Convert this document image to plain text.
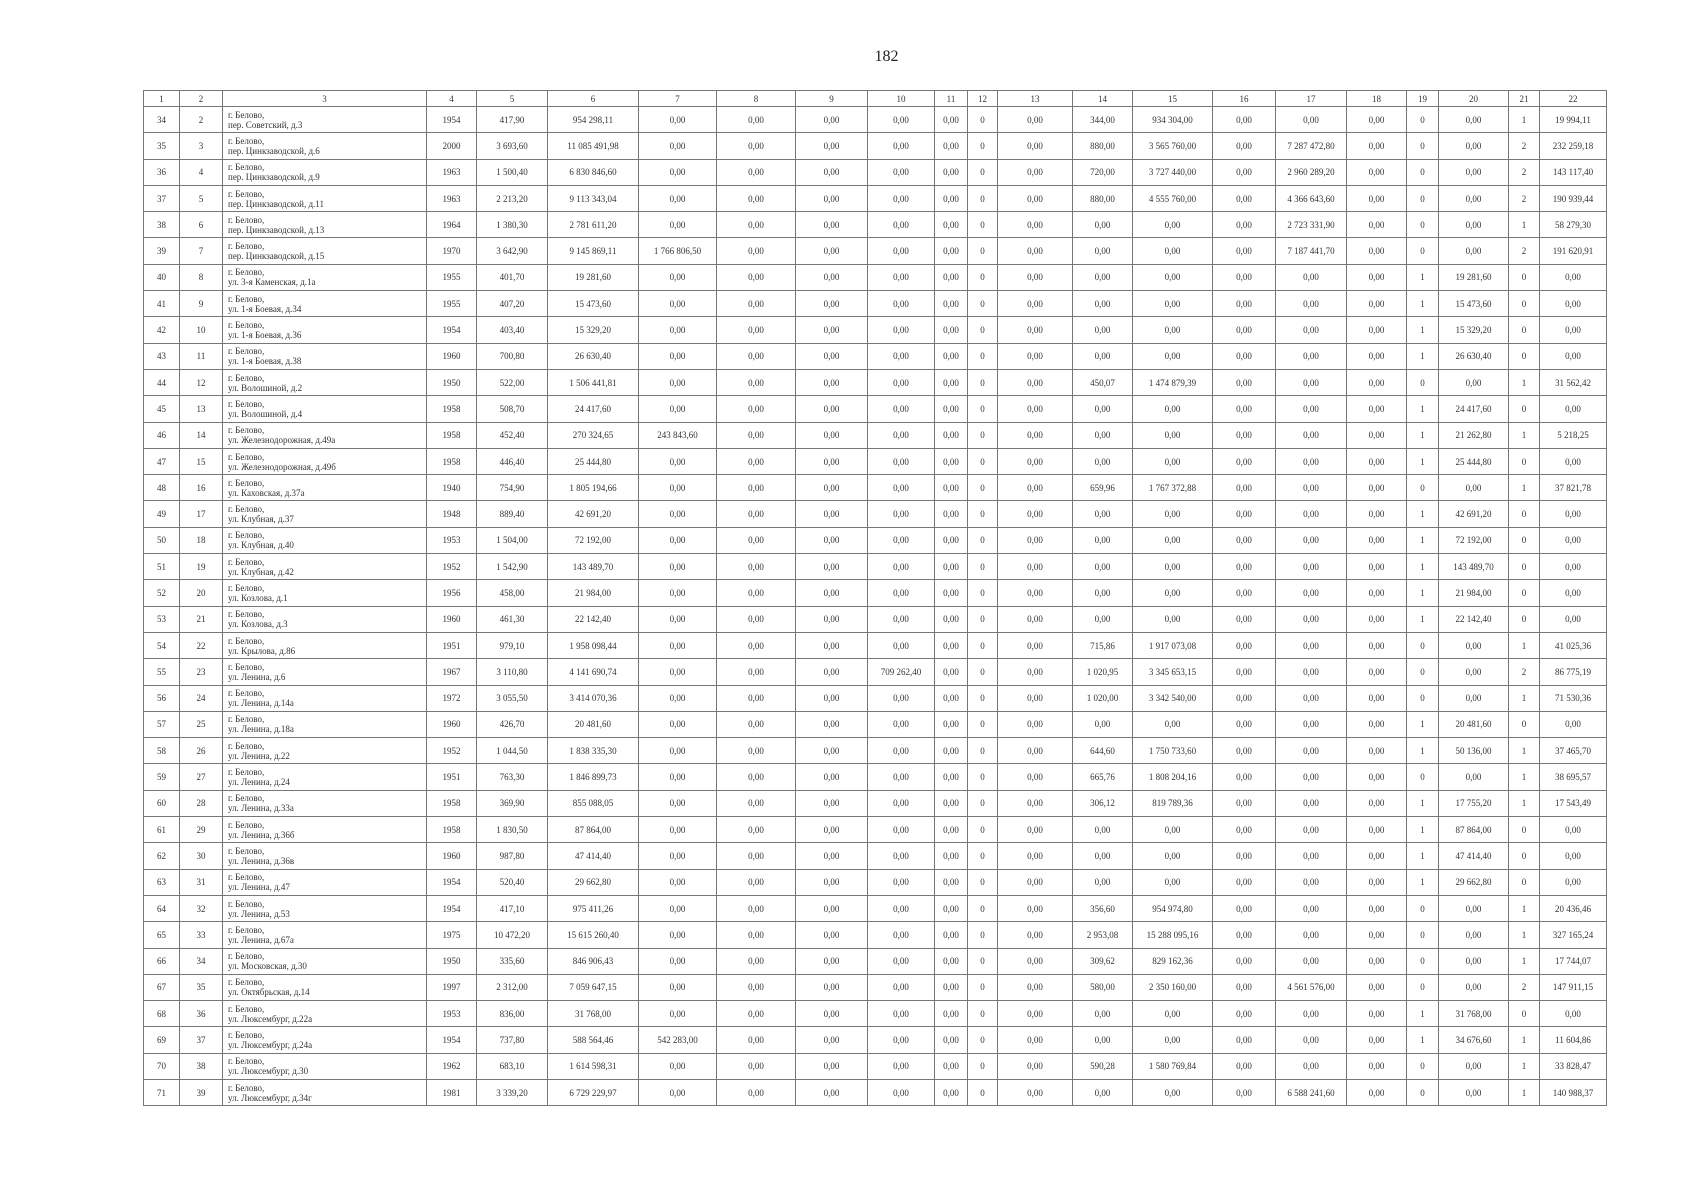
182
1	2	3	4	5	6	7	8	9	10	11	12	13	14	15	16	17	18	19	20	21	22
34	2	г. Белово,
пер. Советский, д.3	1954	417,90	954 298,11	0,00	0,00	0,00	0,00	0,00	0	0,00	344,00	934 304,00	0,00	0,00	0,00	0	0,00	1	19 994,11
35	3	г. Белово,
пер. Цинкзаводской, д.6	2000	3 693,60	11 085 491,98	0,00	0,00	0,00	0,00	0,00	0	0,00	880,00	3 565 760,00	0,00	7 287 472,80	0,00	0	0,00	2	232 259,18
36	4	г. Белово,
пер. Цинкзаводской, д.9	1963	1 500,40	6 830 846,60	0,00	0,00	0,00	0,00	0,00	0	0,00	720,00	3 727 440,00	0,00	2 960 289,20	0,00	0	0,00	2	143 117,40
37	5	г. Белово,
пер. Цинкзаводской, д.11	1963	2 213,20	9 113 343,04	0,00	0,00	0,00	0,00	0,00	0	0,00	880,00	4 555 760,00	0,00	4 366 643,60	0,00	0	0,00	2	190 939,44
38	6	г. Белово,
пер. Цинкзаводской, д.13	1964	1 380,30	2 781 611,20	0,00	0,00	0,00	0,00	0,00	0	0,00	0,00	0,00	0,00	2 723 331,90	0,00	0	0,00	1	58 279,30
39	7	г. Белово,
пер. Цинкзаводской, д.15	1970	3 642,90	9 145 869,11	1 766 806,50	0,00	0,00	0,00	0,00	0	0,00	0,00	0,00	0,00	7 187 441,70	0,00	0	0,00	2	191 620,91
40	8	г. Белово,
ул. 3-я Каменская, д.1а	1955	401,70	19 281,60	0,00	0,00	0,00	0,00	0,00	0	0,00	0,00	0,00	0,00	0,00	0,00	1	19 281,60	0	0,00
41	9	г. Белово,
ул. 1-я Боевая, д.34	1955	407,20	15 473,60	0,00	0,00	0,00	0,00	0,00	0	0,00	0,00	0,00	0,00	0,00	0,00	1	15 473,60	0	0,00
42	10	г. Белово,
ул. 1-я Боевая, д.36	1954	403,40	15 329,20	0,00	0,00	0,00	0,00	0,00	0	0,00	0,00	0,00	0,00	0,00	0,00	1	15 329,20	0	0,00
43	11	г. Белово,
ул. 1-я Боевая, д.38	1960	700,80	26 630,40	0,00	0,00	0,00	0,00	0,00	0	0,00	0,00	0,00	0,00	0,00	0,00	1	26 630,40	0	0,00
44	12	г. Белово,
ул. Волошиной, д.2	1950	522,00	1 506 441,81	0,00	0,00	0,00	0,00	0,00	0	0,00	450,07	1 474 879,39	0,00	0,00	0,00	0	0,00	1	31 562,42
45	13	г. Белово,
ул. Волошиной, д.4	1958	508,70	24 417,60	0,00	0,00	0,00	0,00	0,00	0	0,00	0,00	0,00	0,00	0,00	0,00	1	24 417,60	0	0,00
46	14	г. Белово,
ул. Железнодорожная, д.49а	1958	452,40	270 324,65	243 843,60	0,00	0,00	0,00	0,00	0	0,00	0,00	0,00	0,00	0,00	0,00	1	21 262,80	1	5 218,25
47	15	г. Белово,
ул. Железнодорожная, д.49б	1958	446,40	25 444,80	0,00	0,00	0,00	0,00	0,00	0	0,00	0,00	0,00	0,00	0,00	0,00	1	25 444,80	0	0,00
48	16	г. Белово,
ул. Каховская, д.37а	1940	754,90	1 805 194,66	0,00	0,00	0,00	0,00	0,00	0	0,00	659,96	1 767 372,88	0,00	0,00	0,00	0	0,00	1	37 821,78
49	17	г. Белово,
ул. Клубная, д.37	1948	889,40	42 691,20	0,00	0,00	0,00	0,00	0,00	0	0,00	0,00	0,00	0,00	0,00	0,00	1	42 691,20	0	0,00
50	18	г. Белово,
ул. Клубная, д.40	1953	1 504,00	72 192,00	0,00	0,00	0,00	0,00	0,00	0	0,00	0,00	0,00	0,00	0,00	0,00	1	72 192,00	0	0,00
51	19	г. Белово,
ул. Клубная, д.42	1952	1 542,90	143 489,70	0,00	0,00	0,00	0,00	0,00	0	0,00	0,00	0,00	0,00	0,00	0,00	1	143 489,70	0	0,00
52	20	г. Белово,
ул. Козлова, д.1	1956	458,00	21 984,00	0,00	0,00	0,00	0,00	0,00	0	0,00	0,00	0,00	0,00	0,00	0,00	1	21 984,00	0	0,00
53	21	г. Белово,
ул. Козлова, д.3	1960	461,30	22 142,40	0,00	0,00	0,00	0,00	0,00	0	0,00	0,00	0,00	0,00	0,00	0,00	1	22 142,40	0	0,00
54	22	г. Белово,
ул. Крылова, д.86	1951	979,10	1 958 098,44	0,00	0,00	0,00	0,00	0,00	0	0,00	715,86	1 917 073,08	0,00	0,00	0,00	0	0,00	1	41 025,36
55	23	г. Белово,
ул. Ленина, д.6	1967	3 110,80	4 141 690,74	0,00	0,00	0,00	709 262,40	0,00	0	0,00	1 020,95	3 345 653,15	0,00	0,00	0,00	0	0,00	2	86 775,19
56	24	г. Белово,
ул. Ленина, д.14а	1972	3 055,50	3 414 070,36	0,00	0,00	0,00	0,00	0,00	0	0,00	1 020,00	3 342 540,00	0,00	0,00	0,00	0	0,00	1	71 530,36
57	25	г. Белово,
ул. Ленина, д.18а	1960	426,70	20 481,60	0,00	0,00	0,00	0,00	0,00	0	0,00	0,00	0,00	0,00	0,00	0,00	1	20 481,60	0	0,00
58	26	г. Белово,
ул. Ленина, д.22	1952	1 044,50	1 838 335,30	0,00	0,00	0,00	0,00	0,00	0	0,00	644,60	1 750 733,60	0,00	0,00	0,00	1	50 136,00	1	37 465,70
59	27	г. Белово,
ул. Ленина, д.24	1951	763,30	1 846 899,73	0,00	0,00	0,00	0,00	0,00	0	0,00	665,76	1 808 204,16	0,00	0,00	0,00	0	0,00	1	38 695,57
60	28	г. Белово,
ул. Ленина, д.33а	1958	369,90	855 088,05	0,00	0,00	0,00	0,00	0,00	0	0,00	306,12	819 789,36	0,00	0,00	0,00	1	17 755,20	1	17 543,49
61	29	г. Белово,
ул. Ленина, д.36б	1958	1 830,50	87 864,00	0,00	0,00	0,00	0,00	0,00	0	0,00	0,00	0,00	0,00	0,00	0,00	1	87 864,00	0	0,00
62	30	г. Белово,
ул. Ленина, д.36в	1960	987,80	47 414,40	0,00	0,00	0,00	0,00	0,00	0	0,00	0,00	0,00	0,00	0,00	0,00	1	47 414,40	0	0,00
63	31	г. Белово,
ул. Ленина, д.47	1954	520,40	29 662,80	0,00	0,00	0,00	0,00	0,00	0	0,00	0,00	0,00	0,00	0,00	0,00	1	29 662,80	0	0,00
64	32	г. Белово,
ул. Ленина, д.53	1954	417,10	975 411,26	0,00	0,00	0,00	0,00	0,00	0	0,00	356,60	954 974,80	0,00	0,00	0,00	0	0,00	1	20 436,46
65	33	г. Белово,
ул. Ленина, д.67а	1975	10 472,20	15 615 260,40	0,00	0,00	0,00	0,00	0,00	0	0,00	2 953,08	15 288 095,16	0,00	0,00	0,00	0	0,00	1	327 165,24
66	34	г. Белово,
ул. Московская, д.30	1950	335,60	846 906,43	0,00	0,00	0,00	0,00	0,00	0	0,00	309,62	829 162,36	0,00	0,00	0,00	0	0,00	1	17 744,07
67	35	г. Белово,
ул. Октябрьская, д.14	1997	2 312,00	7 059 647,15	0,00	0,00	0,00	0,00	0,00	0	0,00	580,00	2 350 160,00	0,00	4 561 576,00	0,00	0	0,00	2	147 911,15
68	36	г. Белово,
ул. Люксембург, д.22а	1953	836,00	31 768,00	0,00	0,00	0,00	0,00	0,00	0	0,00	0,00	0,00	0,00	0,00	0,00	1	31 768,00	0	0,00
69	37	г. Белово,
ул. Люксембург, д.24а	1954	737,80	588 564,46	542 283,00	0,00	0,00	0,00	0,00	0	0,00	0,00	0,00	0,00	0,00	0,00	1	34 676,60	1	11 604,86
70	38	г. Белово,
ул. Люксембург, д.30	1962	683,10	1 614 598,31	0,00	0,00	0,00	0,00	0,00	0	0,00	590,28	1 580 769,84	0,00	0,00	0,00	0	0,00	1	33 828,47
71	39	г. Белово,
ул. Люксембург, д.34г	1981	3 339,20	6 729 229,97	0,00	0,00	0,00	0,00	0,00	0	0,00	0,00	0,00	0,00	6 588 241,60	0,00	0	0,00	1	140 988,37
